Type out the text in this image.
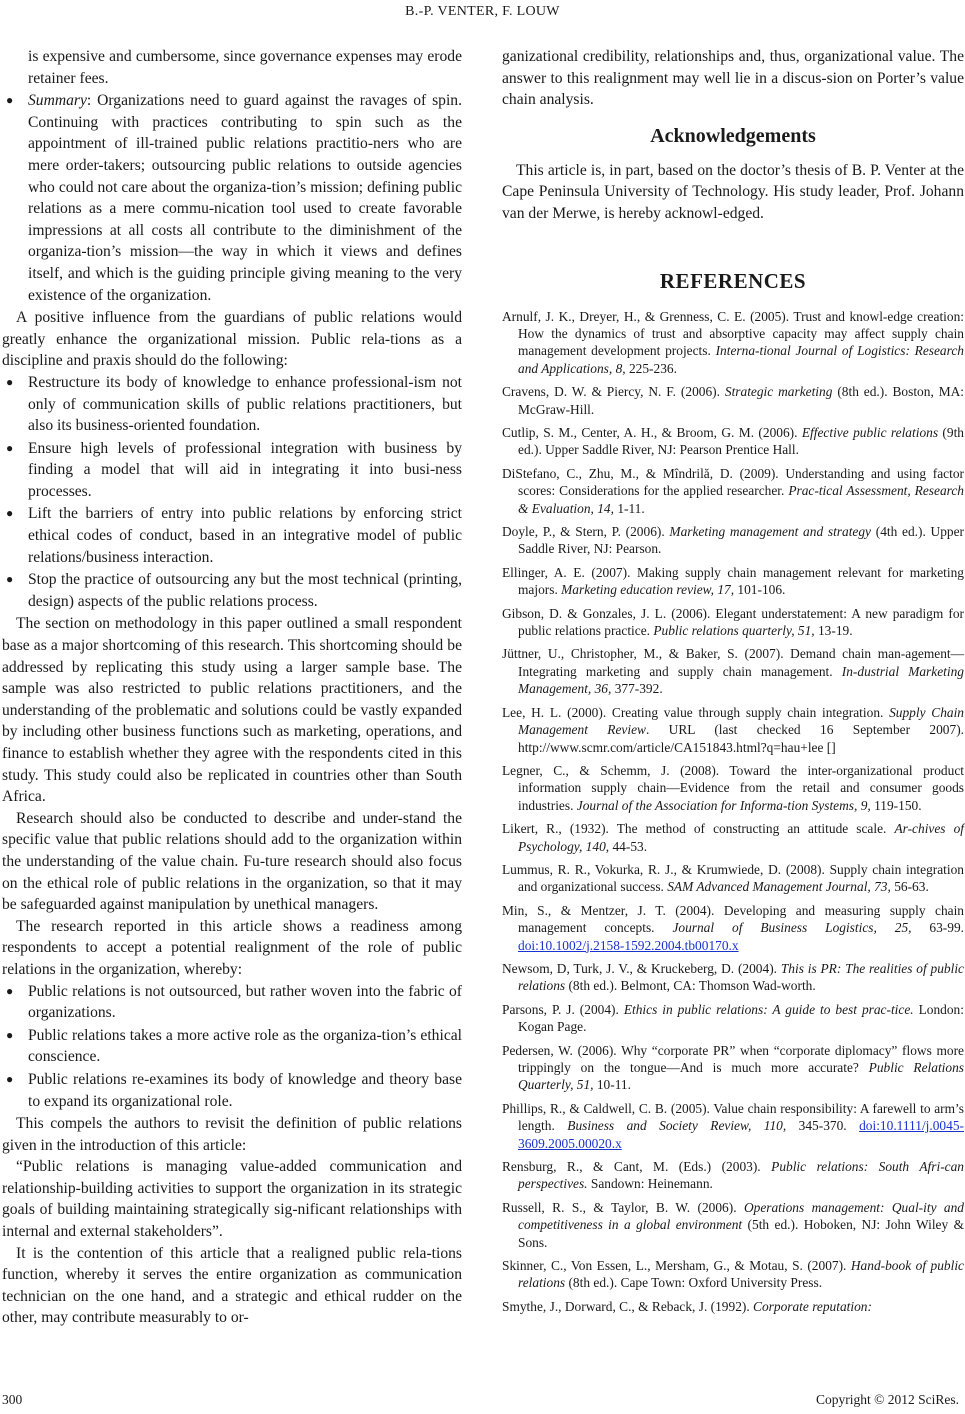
B.-P. VENTER, F. LOUW
is expensive and cumbersome, since governance expenses may erode retainer fees.
● Summary: Organizations need to guard against the ravages of spin. Continuing with practices contributing to spin such as the appointment of ill-trained public relations practitio-ners who are mere order-takers; outsourcing public relations to outside agencies who could not care about the organiza-tion’s mission; defining public relations as a mere commu-nication tool used to create favorable impressions at all costs all contribute to the diminishment of the organiza-tion’s mission—the way in which it views and defines itself, and which is the guiding principle giving meaning to the very existence of the organization.

A positive influence from the guardians of public relations would greatly enhance the organizational mission. Public rela-tions as a discipline and praxis should do the following:

● Restructure its body of knowledge to enhance professional-ism not only of communication skills of public relations practitioners, but also its business-oriented foundation.
● Ensure high levels of professional integration with business by finding a model that will aid in integrating it into busi-ness processes.
● Lift the barriers of entry into public relations by enforcing strict ethical codes of conduct, based in an integrative model of public relations/business interaction.
● Stop the practice of outsourcing any but the most technical (printing, design) aspects of the public relations process.

The section on methodology in this paper outlined a small respondent base as a major shortcoming of this research. This shortcoming should be addressed by replicating this study using a larger sample base. The sample was also restricted to public relations practitioners, and the understanding of the problematic and solutions could be vastly expanded by including other business functions such as marketing, operations, and finance to establish whether they agree with the respondents cited in this study. This study could also be replicated in countries other than South Africa.

Research should also be conducted to describe and under-stand the specific value that public relations should add to the organization within the understanding of the value chain. Fu-ture research should also focus on the ethical role of public relations in the organization, so that it may be safeguarded against manipulation by unethical managers.

The research reported in this article shows a readiness among respondents to accept a potential realignment of the role of public relations in the organization, whereby:

● Public relations is not outsourced, but rather woven into the fabric of organizations.
● Public relations takes a more active role as the organiza-tion’s ethical conscience.
● Public relations re-examines its body of knowledge and theory base to expand its organizational role.

This compels the authors to revisit the definition of public relations given in the introduction of this article:

“Public relations is managing value-added communication and relationship-building activities to support the organization in its strategic goals of building maintaining strategically sig-nificant relationships with internal and external stakeholders”.

It is the contention of this article that a realigned public rela-tions function, whereby it serves the entire organization as communication technician on the one hand, and a strategic and ethical rudder on the other, may contribute measurably to or-

ganizational credibility, relationships and, thus, organizational value. The answer to this realignment may well lie in a discus-sion on Porter’s value chain analysis.

Acknowledgements

This article is, in part, based on the doctor’s thesis of B. P. Venter at the Cape Peninsula University of Technology. His study leader, Prof. Johann van der Merwe, is hereby acknowl-edged.

REFERENCES

Arnulf, J. K., Dreyer, H., & Grenness, C. E. (2005). Trust and knowl-edge creation: How the dynamics of trust and absorptive capacity may affect supply chain management development projects. Interna-tional Journal of Logistics: Research and Applications, 8, 225-236.

Cravens, D. W. & Piercy, N. F. (2006). Strategic marketing (8th ed.). Boston, MA: McGraw-Hill.

Cutlip, S. M., Center, A. H., & Broom, G. M. (2006). Effective public relations (9th ed.). Upper Saddle River, NJ: Pearson Prentice Hall.

DiStefano, C., Zhu, M., & Mîndrilă, D. (2009). Understanding and using factor scores: Considerations for the applied researcher. Prac-tical Assessment, Research & Evaluation, 14, 1-11.

Doyle, P., & Stern, P. (2006). Marketing management and strategy (4th ed.). Upper Saddle River, NJ: Pearson.

Ellinger, A. E. (2007). Making supply chain management relevant for marketing majors. Marketing education review, 17, 101-106.

Gibson, D. & Gonzales, J. L. (2006). Elegant understatement: A new paradigm for public relations practice. Public relations quarterly, 51, 13-19.

Jüttner, U., Christopher, M., & Baker, S. (2007). Demand chain man-agement—Integrating marketing and supply chain management. In-dustrial Marketing Management, 36, 377-392.

Lee, H. L. (2000). Creating value through supply chain integration. Supply Chain Management Review. URL (last checked 16 September 2007). http://www.scmr.com/article/CA151843.html?q=hau+lee []

Legner, C., & Schemm, J. (2008). Toward the inter-organizational product information supply chain—Evidence from the retail and consumer goods industries. Journal of the Association for Informa-tion Systems, 9, 119-150.

Likert, R., (1932). The method of constructing an attitude scale. Ar-chives of Psychology, 140, 44-53.

Lummus, R. R., Vokurka, R. J., & Krumwiede, D. (2008). Supply chain integration and organizational success. SAM Advanced Management Journal, 73, 56-63.

Min, S., & Mentzer, J. T. (2004). Developing and measuring supply chain management concepts. Journal of Business Logistics, 25, 63-99. doi:10.1002/j.2158-1592.2004.tb00170.x

Newsom, D, Turk, J. V., & Kruckeberg, D. (2004). This is PR: The realities of public relations (8th ed.). Belmont, CA: Thomson Wad-worth.

Parsons, P. J. (2004). Ethics in public relations: A guide to best prac-tice. London: Kogan Page.

Pedersen, W. (2006). Why “corporate PR” when “corporate diplomacy” flows more trippingly on the tongue—And is much more accurate? Public Relations Quarterly, 51, 10-11.

Phillips, R., & Caldwell, C. B. (2005). Value chain responsibility: A farewell to arm’s length. Business and Society Review, 110, 345-370. doi:10.1111/j.0045-3609.2005.00020.x

Rensburg, R., & Cant, M. (Eds.) (2003). Public relations: South Afri-can perspectives. Sandown: Heinemann.

Russell, R. S., & Taylor, B. W. (2006). Operations management: Qual-ity and competitiveness in a global environment (5th ed.). Hoboken, NJ: John Wiley & Sons.

Skinner, C., Von Essen, L., Mersham, G., & Motau, S. (2007). Hand-book of public relations (8th ed.). Cape Town: Oxford University Press.

Smythe, J., Dorward, C., & Reback, J. (1992). Corporate reputation:

300	Copyright © 2012 SciRes.
